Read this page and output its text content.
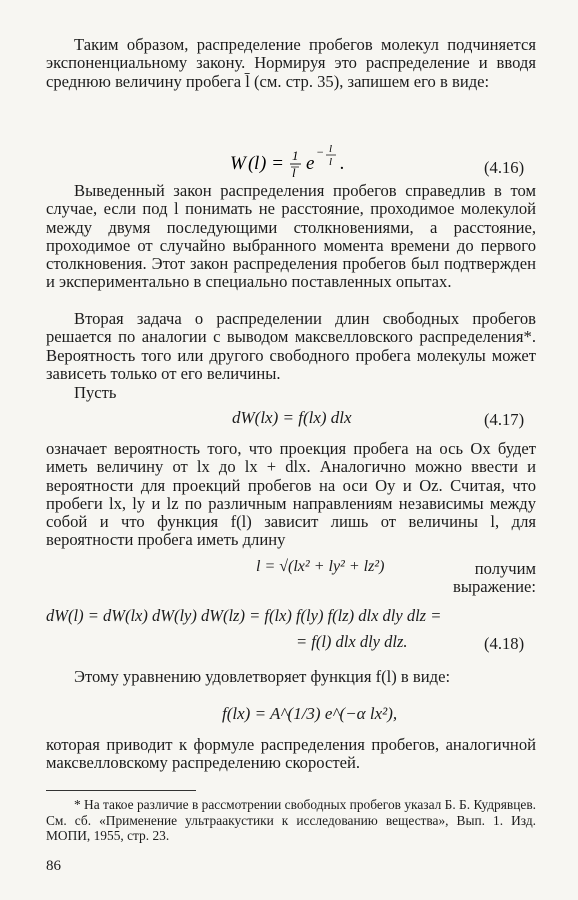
Таким образом, распределение пробегов молекул подчиняется экспоненциальному закону. Нормируя это распределение и вводя среднюю величину пробега l̄ (см. стр. 35), запишем его в виде:

W ( l ) = 1
l e
− l
l .	(4.16)

Выведенный закон распределения пробегов справедлив в том случае, если под l понимать не расстояние, проходимое молекулой между двумя последующими столкновениями, а расстояние, проходимое от случайно выбранного момента времени до первого столкновения. Этот закон распределения пробегов был подтвержден и экспериментально в специально поставленных опытах.

Вторая задача о распределении длин свободных пробегов решается по аналогии с выводом максвелловского распределения*. Вероятность того или другого свободного пробега молекулы может зависеть только от его величины.

Пусть

dW(lx) = f(lx) dlx	(4.17)

означает вероятность того, что проекция пробега на ось Ox будет иметь величину от lx до lx + dlx. Аналогично можно ввести и вероятности для проекций пробегов на оси Oy и Oz. Считая, что пробеги lx, ly и lz по различным направлениям независимы между собой и что функция f(l) зависит лишь от величины l, для вероятности пробега иметь длину

l = √(lx² + ly² + lz²)	получим выражение:

dW(l) = dW(lx) dW(ly) dW(lz) = f(lx) f(ly) f(lz) dlx dly dlz =
= f(l) dlx dly dlz.	(4.18)

Этому уравнению удовлетворяет функция f(l) в виде:

f(lx) = A^(1/3) e^(−α lx²),

которая приводит к формуле распределения пробегов, аналогичной максвелловскому распределению скоростей.

* На такое различие в рассмотрении свободных пробегов указал Б. Б. Кудрявцев. См. сб. «Применение ультраакустики к исследованию вещества», Вып. 1. Изд. МОПИ, 1955, стр. 23.

86
